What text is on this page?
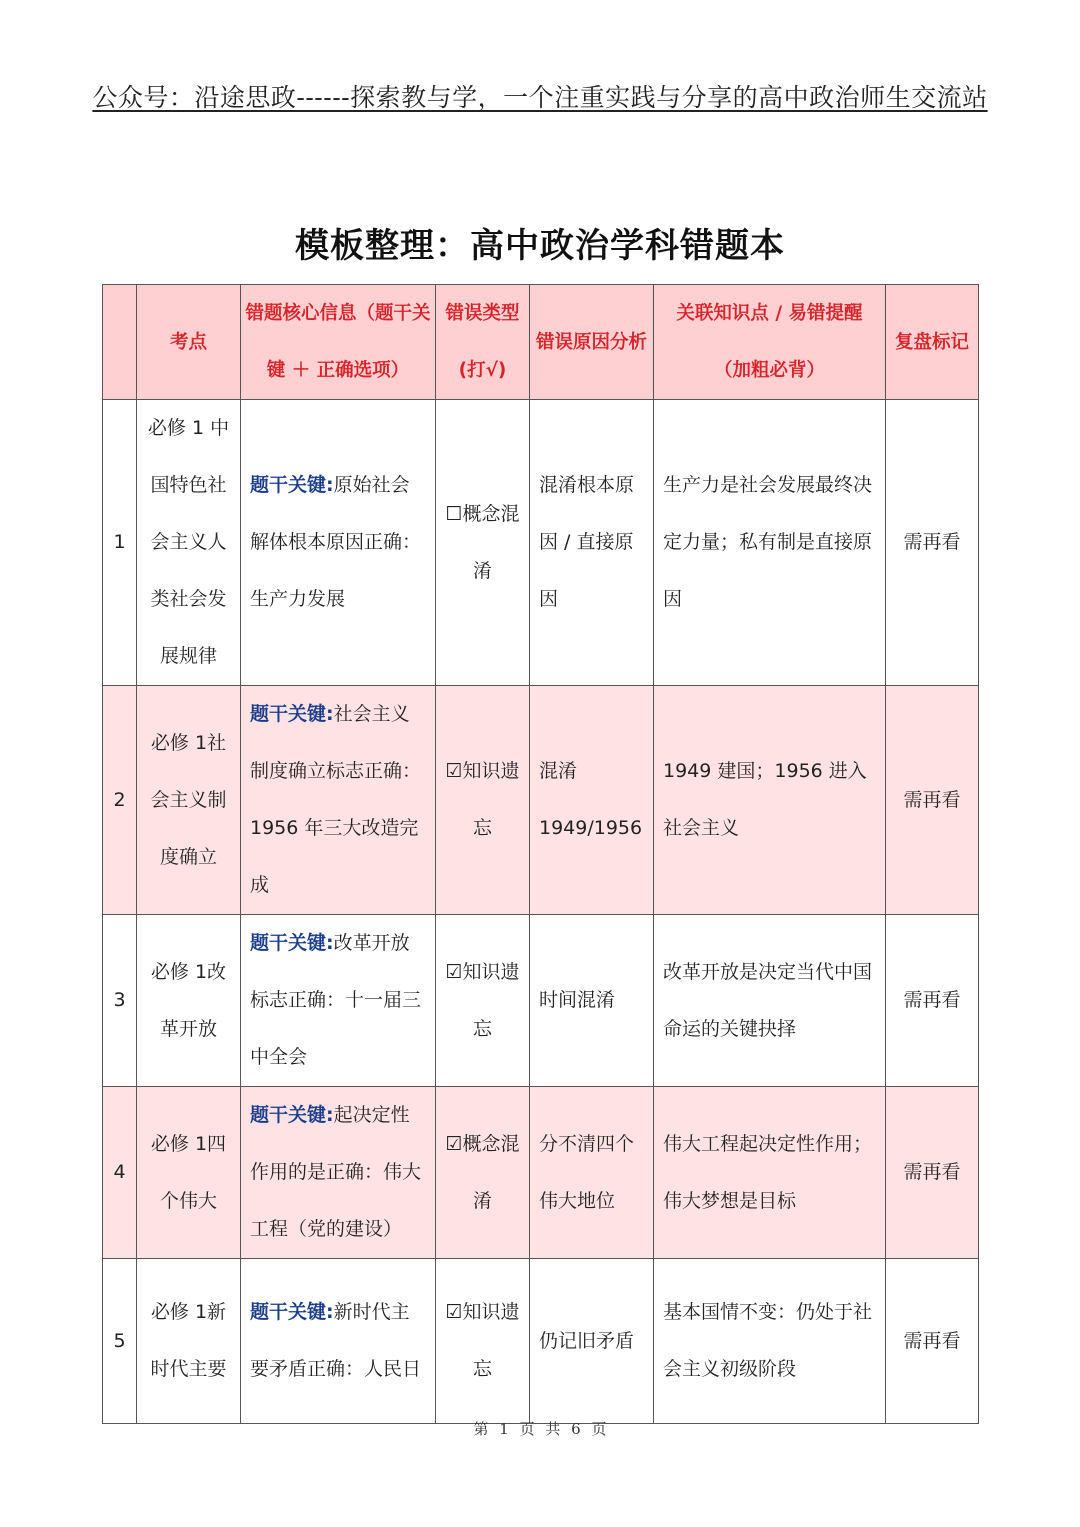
公众号：沿途思政------探索教与学，一个注重实践与分享的高中政治师生交流站
模板整理：高中政治学科错题本
	考点	错题核心信息（题干关键 ＋ 正确选项）	错误类型(打√)	错误原因分析	关联知识点 / 易错提醒（加粗必背）	复盘标记
1	必修 1 中国特色社会主义人类社会发展规律	题干关键:原始社会解体根本原因正确：生产力发展	☐概念混淆	混淆根本原因 / 直接原因	生产力是社会发展最终决定力量；私有制是直接原因	需再看
2	必修 1社会主义制度确立	题干关键:社会主义制度确立标志正确：1956 年三大改造完成	☑知识遗忘	混淆 1949/1956	1949 建国；1956 进入社会主义	需再看
3	必修 1改革开放	题干关键:改革开放标志正确：十一届三中全会	☑知识遗忘	时间混淆	改革开放是决定当代中国命运的关键抉择	需再看
4	必修 1四个伟大	题干关键:起决定性作用的是正确：伟大工程（党的建设）	☑概念混淆	分不清四个伟大地位	伟大工程起决定性作用；伟大梦想是目标	需再看
5	必修 1新时代主要	题干关键:新时代主要矛盾正确：人民日	☑知识遗忘	仍记旧矛盾	基本国情不变：仍处于社会主义初级阶段	需再看
第 1 页 共 6 页
